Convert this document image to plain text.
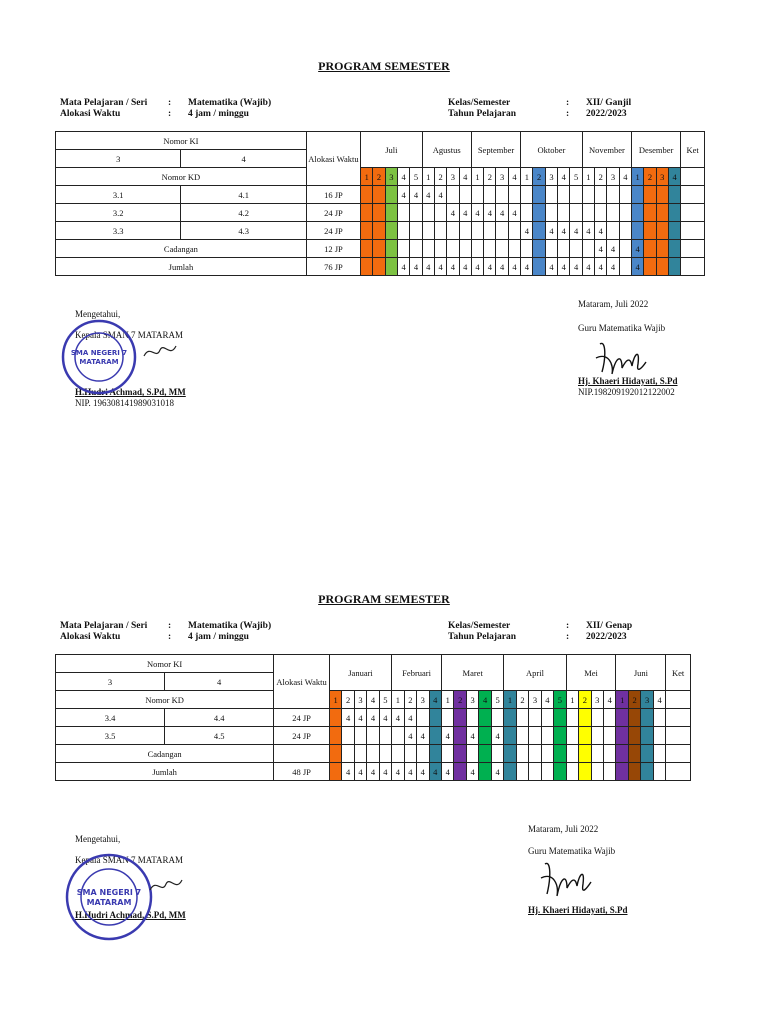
PROGRAM SEMESTER
Mata Pelajaran / Seri	:	Matematika (Wajib)
Alokasi Waktu	:	4 jam / minggu
Kelas/Semester	:	XII/ Ganjil
Tahun Pelajaran	:	2022/2023
Nomor KI		Alokasi Waktu	Juli					Agustus				September				Oktober					November				Desember				Ket
3	4																												
Nomor KD			1	2	3	4	5	1	2	3	4	1	2	3	4	1	2	3	4	5	1	2	3	4	1	2	3	4	
3.1	4.1	16 JP				4	4	4	4																				
3.2	4.2	24 JP								4	4	4	4	4	4														
3.3	4.3	24 JP														4		4	4	4	4	4							
Cadangan		12 JP																				4	4		4				
Jumlah		76 JP				4	4	4	4	4	4	4	4	4	4	4		4	4	4	4	4	4		4				
Mataram, Juli 2022
Guru Matematika Wajib
Hj. Khaeri Hidayati, S.Pd
NIP.198209192012122002
Mengetahui,
Kepala SMAN 7 MATARAM
H.Hudri Achmad, S.Pd, MM
NIP. 196308141989031018
SMA NEGERI 7
MATARAM
PROGRAM SEMESTER
Mata Pelajaran / Seri	:	Matematika (Wajib)
Alokasi Waktu	:	4 jam / minggu
Kelas/Semester	:	XII/ Genap
Tahun Pelajaran	:	2022/2023
Nomor KI		Alokasi Waktu	Januari					Februari				Maret					April					Mei				Juni				Ket
3	4																													
Nomor KD			1	2	3	4	5	1	2	3	4	1	2	3	4	5	1	2	3	4	5	1	2	3	4	1	2	3	4	
3.4	4.4	24 JP		4	4	4	4	4	4																					
3.5	4.5	24 JP							4	4		4		4		4														
Cadangan																														
Jumlah		48 JP		4	4	4	4	4	4	4	4	4		4		4														
Mataram, Juli 2022
Guru Matematika Wajib
Hj. Khaeri Hidayati, S.Pd
Mengetahui,
Kepala SMAN 7 MATARAM
H.Hudri Achmad, S.Pd, MM
SMA NEGERI 7
MATARAM
